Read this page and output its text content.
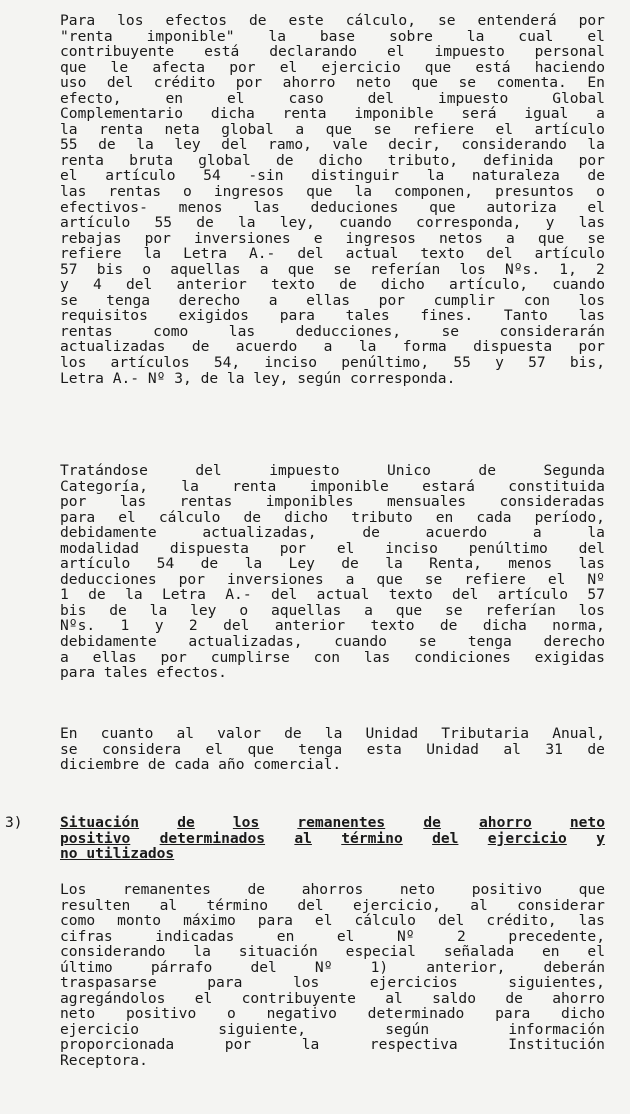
Para los efectos de este cálculo, se entenderá por
"renta imponible" la base sobre la cual el
contribuyente está declarando el impuesto personal
que le afecta por el ejercicio que está haciendo
uso del crédito por ahorro neto que se comenta. En
efecto,	en	el	caso	del	impuesto	Global
Complementario dicha renta imponible será igual a
la renta neta global a que se refiere el artículo
55 de la ley del ramo, vale decir, considerando la
renta bruta global de dicho tributo, definida por
el artículo 54 -sin distinguir la naturaleza de
las rentas o ingresos que la componen, presuntos o
efectivos- menos las deduciones que autoriza el
artículo 55 de la ley, cuando corresponda, y las
rebajas por inversiones e ingresos netos a que se
refiere la Letra A.- del actual texto del artículo
57 bis o aquellas a que se referían los Nºs. 1, 2
y 4 del anterior texto de dicho artículo, cuando
se tenga derecho a ellas por cumplir con los
requisitos exigidos para tales fines. Tanto las
rentas	como	las	deducciones,	se	considerarán
actualizadas de acuerdo a la forma dispuesta por
los artículos 54, inciso penúltimo, 55 y 57 bis,
Letra A.- Nº 3, de la ley, según corresponda.
Tratándose	del	impuesto	Unico	de	Segunda
Categoría, la renta imponible estará constituida
por las rentas imponibles mensuales consideradas
para el cálculo de dicho tributo en cada período,
debidamente	actualizadas,	de	acuerdo	a	la
modalidad dispuesta por el inciso penúltimo del
artículo 54 de la Ley de la Renta, menos las
deducciones por inversiones a que se refiere el Nº
1 de la Letra A.- del actual texto del artículo 57
bis de la ley o aquellas a que se referían los
Nºs. 1 y 2 del anterior texto de dicha norma,
debidamente actualizadas, cuando se tenga derecho
a ellas por cumplirse con las condiciones exigidas
para tales efectos.
En cuanto al valor de la Unidad Tributaria Anual,
se considera el que tenga esta Unidad al 31 de
diciembre de cada año comercial.
3)	Situación	de	los	remanentes	de	ahorro	neto
positivo determinados al término del ejercicio y
no utilizados
Los	remanentes	de	ahorros	neto	positivo	que
resulten al término del ejercicio, al considerar
como monto máximo para el cálculo del crédito, las
cifras	indicadas	en	el	Nº	2	precedente,
considerando la situación especial señalada en el
último	párrafo	del	Nº	1)	anterior,	deberán
traspasarse	para	los	ejercicios	siguientes,
agregándolos el contribuyente al saldo de ahorro
neto positivo o negativo determinado para dicho
ejercicio	siguiente,	según	información
proporcionada	por	la	respectiva	Institución
Receptora.
